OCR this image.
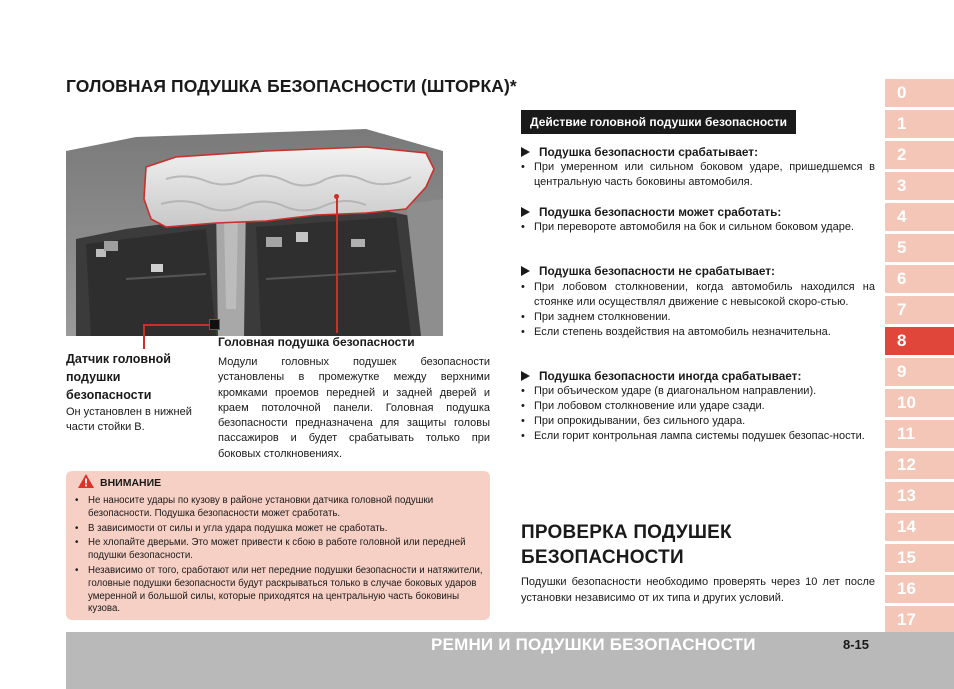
ГОЛОВНАЯ ПОДУШКА БЕЗОПАСНОСТИ (ШТОРКА)*
Датчик головной подушки безопасности
Он установлен в нижней части стойки B.
Головная подушка безопасности
Модули головных подушек безопасности установлены в промежутке между верхними кромками проемов передней и задней дверей и краем потолочной панели. Головная подушка безопасности предназначена для защиты головы пассажиров и будет срабатывать только при боковых столкновениях.
ВНИМАНИЕ
• Не наносите удары по кузову в районе установки датчика головной подушки безопасности. Подушка безопасности может сработать.
• В зависимости от силы и угла удара подушка может не сработать.
• Не хлопайте дверьми. Это может привести к сбою в работе головной или передней подушки безопасности.
• Независимо от того, сработают или нет передние подушки безопасности и натяжители, головные подушки безопасности будут раскрываться только в случае боковых ударов умеренной и большой силы, которые приходятся на центральную часть боковины кузова.
Действие головной подушки безопасности
Подушка безопасности срабатывает:
• При умеренном или сильном боковом ударе, пришедшемся в центральную часть боковины автомобиля.
Подушка безопасности может сработать:
• При перевороте автомобиля на бок и сильном боковом ударе.
Подушка безопасности не срабатывает:
• При лобовом столкновении, когда автомобиль находился на стоянке или осуществлял движение с невысокой скоро-стью.
• При заднем столкновении.
• Если степень воздействия на автомобиль незначительна.
Подушка безопасности иногда срабатывает:
• При объическом ударе (в диагональном направлении).
• При лобовом столкновение или ударе сзади.
• При опрокидывании, без сильного удара.
• Если горит контрольная лампа системы подушек безопас-ности.
ПРОВЕРКА ПОДУШЕК БЕЗОПАСНОСТИ
Подушки безопасности необходимо проверять через 10 лет после установки независимо от их типа и других условий.
0
1
2
3
4
5
6
7
8
9
10
11
12
13
14
15
16
17
РЕМНИ И ПОДУШКИ БЕЗОПАСНОСТИ	8-15
